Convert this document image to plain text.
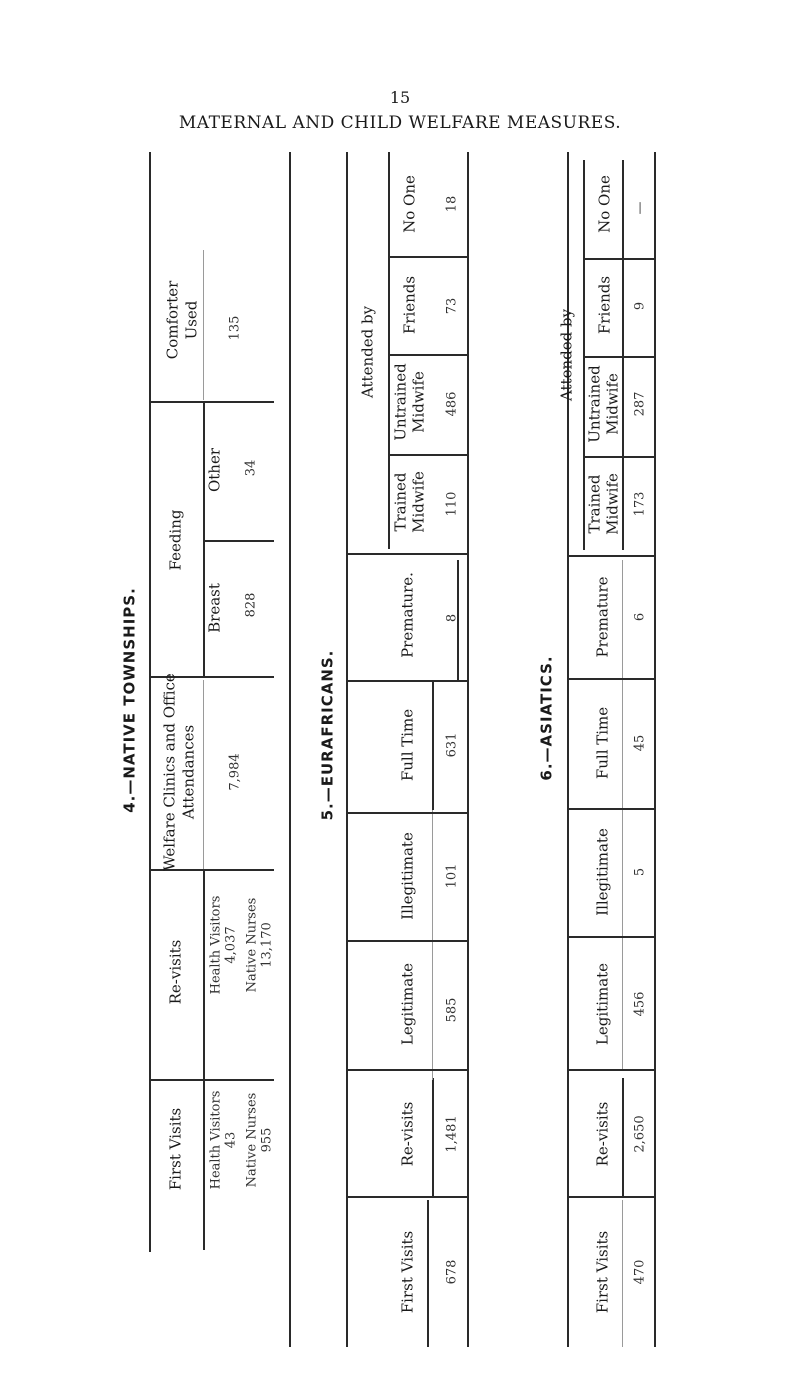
15
MATERNAL AND CHILD WELFARE MEASURES.
4.—NATIVE TOWNSHIPS.
Comforter Used 135
Feeding
Other 34
Breast 828
Welfare Clinics and Office Attendances 7,984
Re-visits Health Visitors 4,037 Native Nurses 13,170
First Visits Health Visitors 43 Native Nurses 955
5.—EURAFRICANS.
Attended by
No One 18
Friends 73
Untrained Midwife 486
Trained Midwife 110
Premature. 8
Full Time 631
Illegitimate 101
Legitimate 585
Re-visits 1,481
First Visits 678
6.—ASIATICS.
Attended by
No One —
Friends 9
Untrained Midwife 287
Trained Midwife 173
Premature 6
Full Time 45
Illegitimate 5
Legitimate 456
Re-visits 2,650
First Visits 470
